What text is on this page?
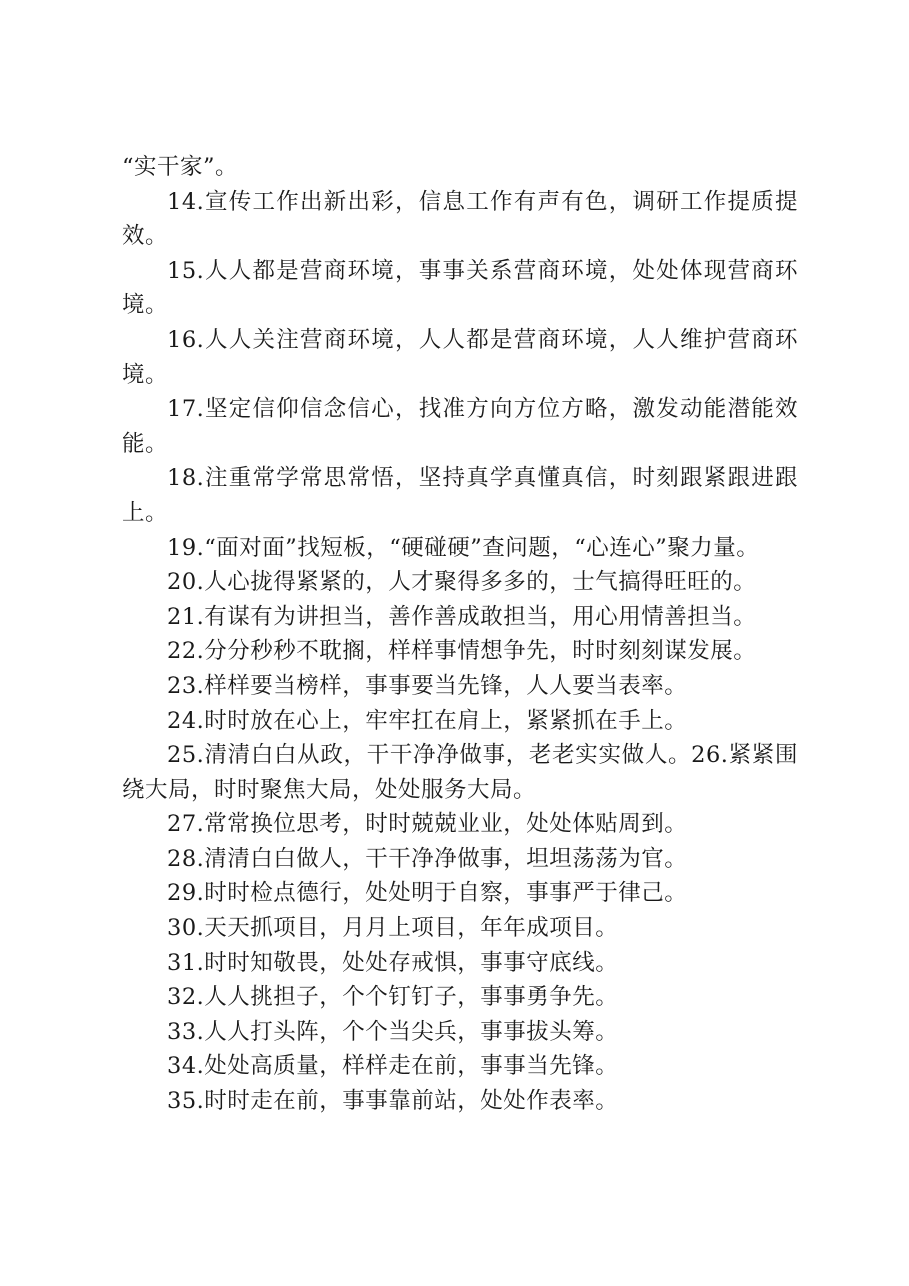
“实干家”。

14.宣传工作出新出彩，信息工作有声有色，调研工作提质提效。

15.人人都是营商环境，事事关系营商环境，处处体现营商环境。

16.人人关注营商环境，人人都是营商环境，人人维护营商环境。

17.坚定信仰信念信心，找准方向方位方略，激发动能潜能效能。

18.注重常学常思常悟，坚持真学真懂真信，时刻跟紧跟进跟上。

19.“面对面”找短板，“硬碰硬”查问题，“心连心”聚力量。

20.人心拢得紧紧的，人才聚得多多的，士气搞得旺旺的。

21.有谋有为讲担当，善作善成敢担当，用心用情善担当。

22.分分秒秒不耽搁，样样事情想争先，时时刻刻谋发展。

23.样样要当榜样，事事要当先锋，人人要当表率。

24.时时放在心上，牢牢扛在肩上，紧紧抓在手上。

25.清清白白从政，干干净净做事，老老实实做人。26.紧紧围绕大局，时时聚焦大局，处处服务大局。

27.常常换位思考，时时兢兢业业，处处体贴周到。

28.清清白白做人，干干净净做事，坦坦荡荡为官。

29.时时检点德行，处处明于自察，事事严于律己。

30.天天抓项目，月月上项目，年年成项目。

31.时时知敬畏，处处存戒惧，事事守底线。

32.人人挑担子，个个钉钉子，事事勇争先。

33.人人打头阵，个个当尖兵，事事拔头筹。

34.处处高质量，样样走在前，事事当先锋。

35.时时走在前，事事靠前站，处处作表率。
